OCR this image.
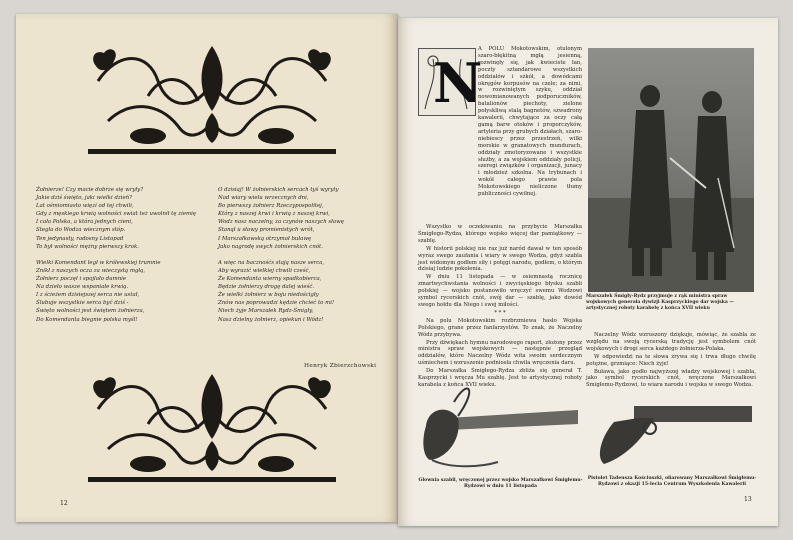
Żołnierze! Czy macie dobrze się wryły?
Jakie dziś święto, jaki wielki dzień?
Lat ośmiomiasto więzi od tej chwili,
Gdy z męskiego krwią wolności swiat też uwolnił tę ziemię
I cała Polska, a która jednych cieni,
Stegła do Wodza wiecznym stóp.
Ten jedynasty, radosny Listopad
To był wolności mężny pierwszy krok.

Wielki Komendant legł w królewskiej trumnie
Znikł z naszych ocza za wieczystą mgłą,
Żołnierz poczęł i spojlało dumnie
Na dzieło wasze wspaniałe krwią.
I z ścieżem dzisiejszej serca nie ustał,
Ślubuje wszystkie serca być dziś -
Święto wolności jest świętem żołnierza,
Do Komendanta biegnie polska myśl!
O dzisiaj! W żołnierskich sercach tyś wyryty
Nad wiary wielu wrzecznych dni,
Bo pierwszy żołnierz Rzeczypospolitej,
Który z naszej krwi i krwią z naszej krwi,
Wodz nasz naczelny, za czynów naszych sławę
Stanął u sławy promienistych wrót,
I Marszałkowską otrzymał buławę
Jako nagrodę swych żołnierskich cnót.

A więc na bacznośćs stają nasze serca,
Aby wyrazić wielkiej chwili cześć,
Że Komendanta wierny spadkobierca,
Będzie żołnierzy drogę dalej wieść.
Że wielki żołnierz w boju niedościgły
Znów nas poprowadzi kędzie chcieć to mi!
Niech żyje Marszałek Rydz-Śmigły,
Nasz dzielny żołnierz, opiekun i Wódz!
Henryk Zbierzchowski
12
N

A POLU Mokotowskim, otulonym szaro-błękitną mgłą jesienną, rozwinęły się, jak kwieciste łan, poczty sztandarowe wszystkich oddziałów i szkół, a dowódcami okręgów korpusów na czele; za nimi, w rozwiniętym szyku, oddział nowomianowanych podporuczników, batalionów piechoty, zielone połyskliwą stalą bagnetów, szwadrony kawalerii, chwytające za oczy całą gamą barw otoków i proporczyków, artyleria przy grubych działach, szaro-niebiescy przez przestrzeń, wilki morskie w granatowych mundurach, oddziały zmotoryzowane i wszystkie służby, a za wojskiem oddziały policji, szeregi związków i organizacji, junacy i młodzież szkolna. Na trybunach i wokół całego prawie pola Mokotowskiego nieliczone tłumy publiczności cywilnej.

Wszystko w oczekiwaniu na przybycie Marszałka Śmigłego-Rydza, którego wojsko więcej dar pamiątkowy — szablę.

W historii polskiej nie raz już naród dawał w ten sposób wyraz swego zaufania i wiary w swego Wodza, gdyż szabla jest widomym godłem siły i potęgi narodu, godłem, o którym dzisiaj ludzie pokolenia.

W dniu 11 listopada — w osiemnastą rocznicę zmartwychwstania wolności i zwycięskiego błysku szabli polskiej — wojsko postanowiło wręczyć swemu Wodzowi symbol rycerskich cnót, swój dar — szablę, jako dowód swego hołdu dla Niego i swej miłości.

* * *

Na polu Mokotowskim rozbrzmiewa hasło Wojska Polskiego, grane przez fanfarzystów. To znak, że Naczelny Wódz przybywa.

Przy dźwiękach hymnu narodowego raport, złożony przez ministra spraw wojskowych — następnie przegląd oddziałów, które Naczelny Wódz wita swoim serdecznym uśmiechem i wzruszenie podniosła chwila wręczenia daru.

Do Marszałka Śmigłego-Rydza zbliża się generał T. Kasprzycki i wręcza Mu szablę. Jest to artystycznej roboty karabela z końca XVII wieku.

Marszałek Śmigły-Rydz przyjmuje z rąk ministra spraw wojskowych generała dywizji Kasprzyckiego dar wojska — artystycznej roboty karabelę z końca XVII wieku

Naczelny Wódz wzruszony dziękuje, mówiąc, że szabla ze względu na swoją rycerską tradycję jest symbolem cnót wojskowych i drogi serca każdego żołnierza-Polaka.

W odpowiedzi na te słowa zrywa się i trwa długo chwilę potężne, grzmiące: Niech żyje!

Buława, jako godło najwyższej władzy wojskowej i szabla, jako symbol rycerskich cnót, wręczone Marszałkowi Śmigłemu-Rydzowi, to wiara narodu i wojska w swego Wodza.

Głownia szabli, wręczonej przez wojsko Marszałkowi Śmigłemu-Rydzowi w dniu 11 listopada
Pistolet Tadeusza Kościuszki, ofiarowany Marszałkowi Śmigłemu-Rydzowi z okazji 15-lecia Centrum Wyszkolenia Kawalerii
13
